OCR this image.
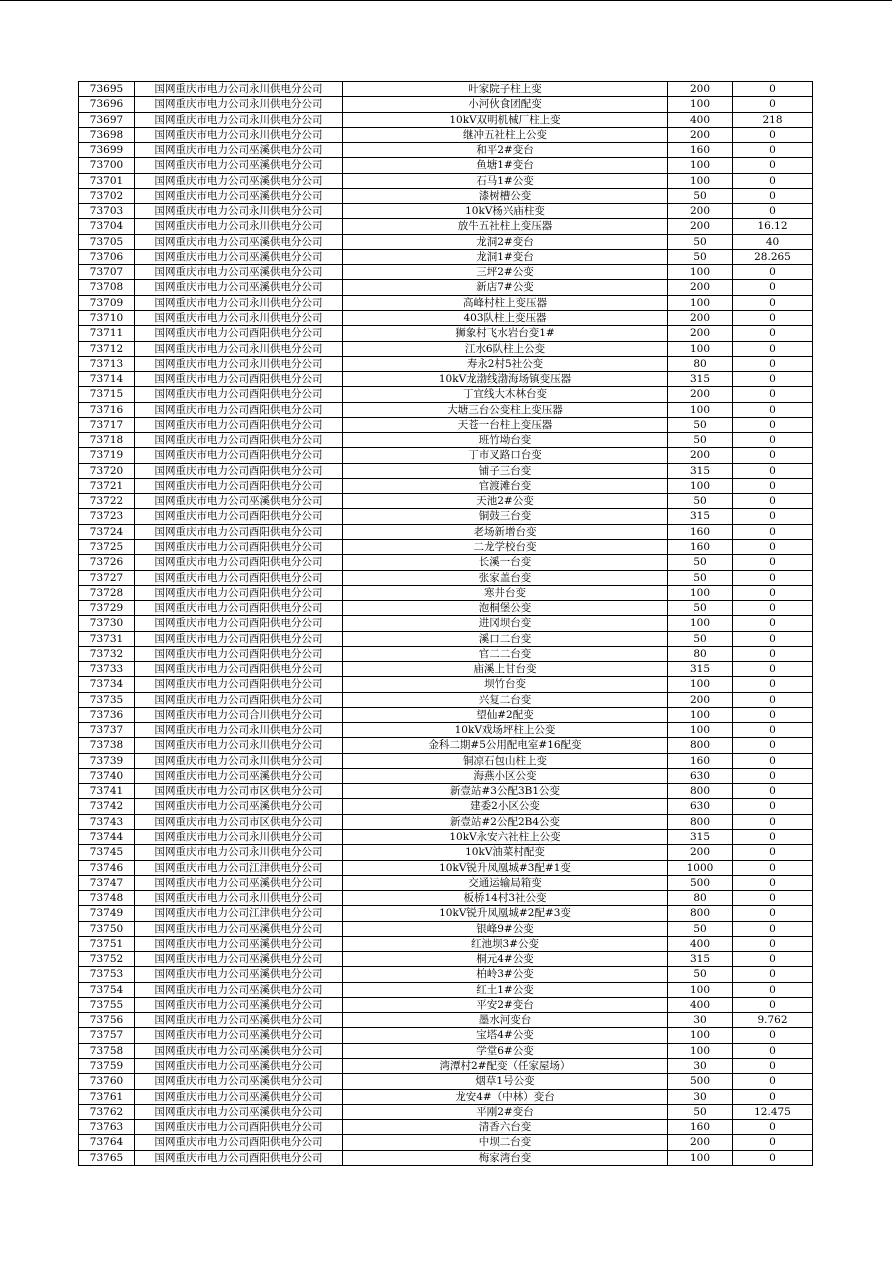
73695	国网重庆市电力公司永川供电分公司	叶家院子柱上变	200	0
73696	国网重庆市电力公司永川供电分公司	小河伙食团配变	100	0
73697	国网重庆市电力公司永川供电分公司	10kV双明机械厂柱上变	400	218
73698	国网重庆市电力公司永川供电分公司	继冲五社柱上公变	200	0
73699	国网重庆市电力公司巫溪供电分公司	和平2#变台	160	0
73700	国网重庆市电力公司巫溪供电分公司	鱼塘1#变台	100	0
73701	国网重庆市电力公司巫溪供电分公司	石马1#公变	100	0
73702	国网重庆市电力公司巫溪供电分公司	漆树槽公变	50	0
73703	国网重庆市电力公司永川供电分公司	10kV杨兴庙柱变	200	0
73704	国网重庆市电力公司永川供电分公司	放牛五社柱上变压器	200	16.12
73705	国网重庆市电力公司巫溪供电分公司	龙洞2#变台	50	40
73706	国网重庆市电力公司巫溪供电分公司	龙洞1#变台	50	28.265
73707	国网重庆市电力公司巫溪供电分公司	三坪2#公变	100	0
73708	国网重庆市电力公司巫溪供电分公司	新店7#公变	200	0
73709	国网重庆市电力公司永川供电分公司	高峰村柱上变压器	100	0
73710	国网重庆市电力公司永川供电分公司	403队柱上变压器	200	0
73711	国网重庆市电力公司酉阳供电分公司	狮象村飞水岩台变1#	200	0
73712	国网重庆市电力公司永川供电分公司	江水6队柱上公变	100	0
73713	国网重庆市电力公司永川供电分公司	寿永2村5社公变	80	0
73714	国网重庆市电力公司酉阳供电分公司	10kV龙渤线渤海场镇变压器	315	0
73715	国网重庆市电力公司酉阳供电分公司	丁宜线大木林台变	200	0
73716	国网重庆市电力公司酉阳供电分公司	大塘三台公变柱上变压器	100	0
73717	国网重庆市电力公司酉阳供电分公司	天苍一台柱上变压器	50	0
73718	国网重庆市电力公司酉阳供电分公司	班竹坳台变	50	0
73719	国网重庆市电力公司酉阳供电分公司	丁市叉路口台变	200	0
73720	国网重庆市电力公司酉阳供电分公司	铺子三台变	315	0
73721	国网重庆市电力公司酉阳供电分公司	官渡滩台变	100	0
73722	国网重庆市电力公司巫溪供电分公司	天池2#公变	50	0
73723	国网重庆市电力公司酉阳供电分公司	铜鼓三台变	315	0
73724	国网重庆市电力公司酉阳供电分公司	老场新增台变	160	0
73725	国网重庆市电力公司酉阳供电分公司	二龙学校台变	160	0
73726	国网重庆市电力公司酉阳供电分公司	长溪一台变	50	0
73727	国网重庆市电力公司酉阳供电分公司	张家盖台变	50	0
73728	国网重庆市电力公司酉阳供电分公司	寒井台变	100	0
73729	国网重庆市电力公司酉阳供电分公司	泡桐堡公变	50	0
73730	国网重庆市电力公司酉阳供电分公司	进冈坝台变	100	0
73731	国网重庆市电力公司酉阳供电分公司	溪口二台变	50	0
73732	国网重庆市电力公司酉阳供电分公司	官二二台变	80	0
73733	国网重庆市电力公司酉阳供电分公司	庙溪上甘台变	315	0
73734	国网重庆市电力公司酉阳供电分公司	坝竹台变	100	0
73735	国网重庆市电力公司酉阳供电分公司	兴复二台变	200	0
73736	国网重庆市电力公司合川供电分公司	望仙#2配变	100	0
73737	国网重庆市电力公司永川供电分公司	10kV戏场坪柱上公变	100	0
73738	国网重庆市电力公司永川供电分公司	金科二期#5公用配电室#16配变	800	0
73739	国网重庆市电力公司永川供电分公司	铜凉石包山柱上变	160	0
73740	国网重庆市电力公司巫溪供电分公司	海燕小区公变	630	0
73741	国网重庆市电力公司市区供电分公司	新壹站#3公配3B1公变	800	0
73742	国网重庆市电力公司巫溪供电分公司	建委2小区公变	630	0
73743	国网重庆市电力公司市区供电分公司	新壹站#2公配2B4公变	800	0
73744	国网重庆市电力公司永川供电分公司	10kV永安六社柱上公变	315	0
73745	国网重庆市电力公司永川供电分公司	10kV油菜村配变	200	0
73746	国网重庆市电力公司江津供电分公司	10kV锐升凤凰城#3配#1变	1000	0
73747	国网重庆市电力公司巫溪供电分公司	交通运输局箱变	500	0
73748	国网重庆市电力公司永川供电分公司	板桥14村3社公变	80	0
73749	国网重庆市电力公司江津供电分公司	10kV锐升凤凰城#2配#3变	800	0
73750	国网重庆市电力公司巫溪供电分公司	银峰9#公变	50	0
73751	国网重庆市电力公司巫溪供电分公司	红池坝3#公变	400	0
73752	国网重庆市电力公司巫溪供电分公司	桐元4#公变	315	0
73753	国网重庆市电力公司巫溪供电分公司	柏岭3#公变	50	0
73754	国网重庆市电力公司巫溪供电分公司	红土1#公变	100	0
73755	国网重庆市电力公司巫溪供电分公司	平安2#变台	400	0
73756	国网重庆市电力公司巫溪供电分公司	墨水河变台	30	9.762
73757	国网重庆市电力公司巫溪供电分公司	宝塔4#公变	100	0
73758	国网重庆市电力公司巫溪供电分公司	学堂6#公变	100	0
73759	国网重庆市电力公司巫溪供电分公司	湾潭村2#配变（任家屋场）	30	0
73760	国网重庆市电力公司巫溪供电分公司	烟草1号公变	500	0
73761	国网重庆市电力公司巫溪供电分公司	龙安4#（中林）变台	30	0
73762	国网重庆市电力公司巫溪供电分公司	平刚2#变台	50	12.475
73763	国网重庆市电力公司酉阳供电分公司	清香六台变	160	0
73764	国网重庆市电力公司酉阳供电分公司	中坝二台变	200	0
73765	国网重庆市电力公司酉阳供电分公司	梅家湾台变	100	0
